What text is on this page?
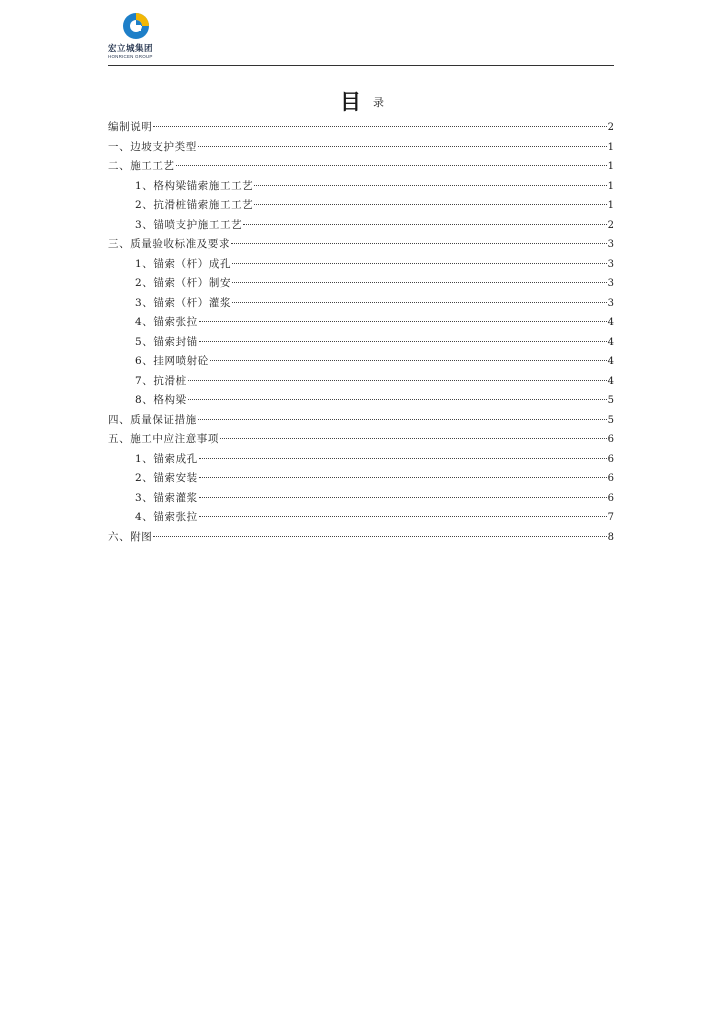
宏立城集团
HONRICEN GROUP
目 录
编制说明	2
一、边坡支护类型	1
二、施工工艺	1
1、格构梁锚索施工工艺	1
2、抗滑桩锚索施工工艺	1
3、锚喷支护施工工艺	2
三、质量验收标准及要求	3
1、锚索（杆）成孔	3
2、锚索（杆）制安	3
3、锚索（杆）灌浆	3
4、锚索张拉	4
5、锚索封锚	4
6、挂网喷射砼	4
7、抗滑桩	4
8、格构梁	5
四、质量保证措施	5
五、施工中应注意事项	6
1、锚索成孔	6
2、锚索安装	6
3、锚索灌浆	6
4、锚索张拉	7
六、附图	8
